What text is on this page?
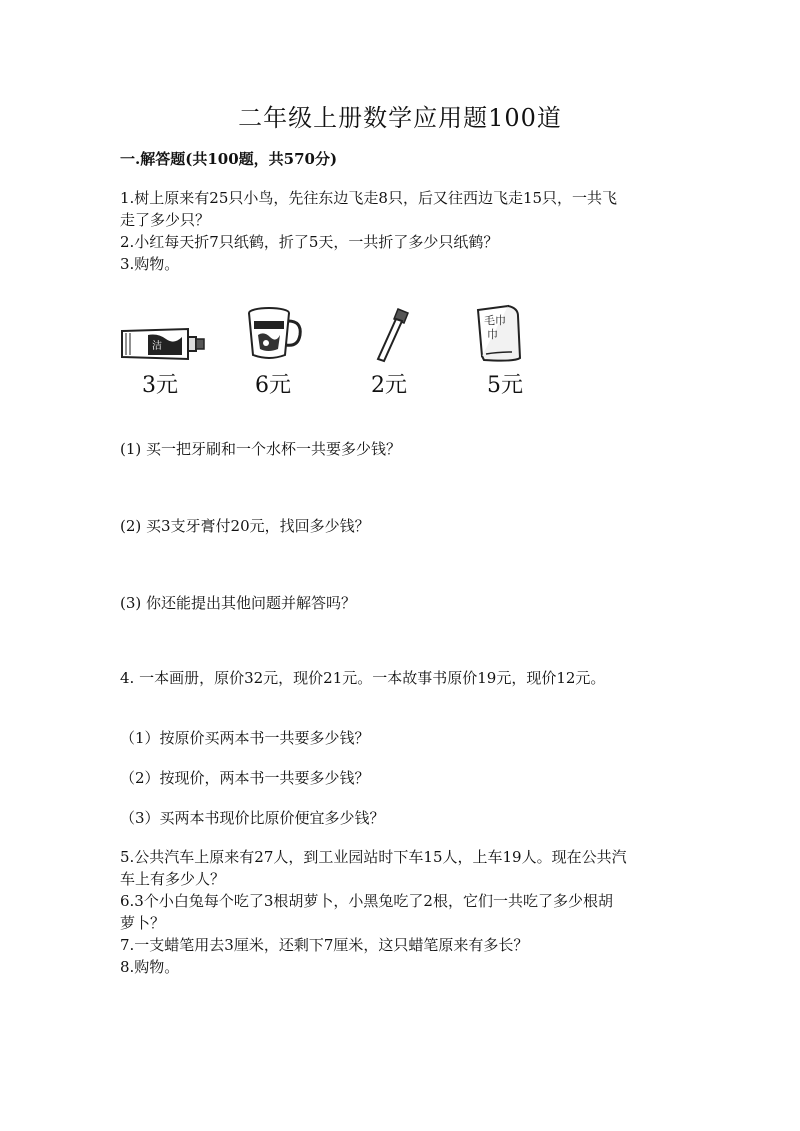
二年级上册数学应用题100道
一.解答题(共100题，共570分)
1.树上原来有25只小鸟，先往东边飞走8只，后又往西边飞走15只，一共飞
走了多少只？
2.小红每天折7只纸鹤，折了5天，一共折了多少只纸鹤？
3.购物。
洁
毛巾
巾
3元	6元	2元	5元
(1) 买一把牙刷和一个水杯一共要多少钱？
(2) 买3支牙膏付20元，找回多少钱？
(3) 你还能提出其他问题并解答吗？
4. 一本画册，原价32元，现价21元。一本故事书原价19元，现价12元。
（1）按原价买两本书一共要多少钱？
（2）按现价，两本书一共要多少钱？
（3）买两本书现价比原价便宜多少钱？
5.公共汽车上原来有27人，到工业园站时下车15人，上车19人。现在公共汽
车上有多少人？
6.3个小白兔每个吃了3根胡萝卜，小黑兔吃了2根，它们一共吃了多少根胡
萝卜？
7.一支蜡笔用去3厘米，还剩下7厘米，这只蜡笔原来有多长？
8.购物。
